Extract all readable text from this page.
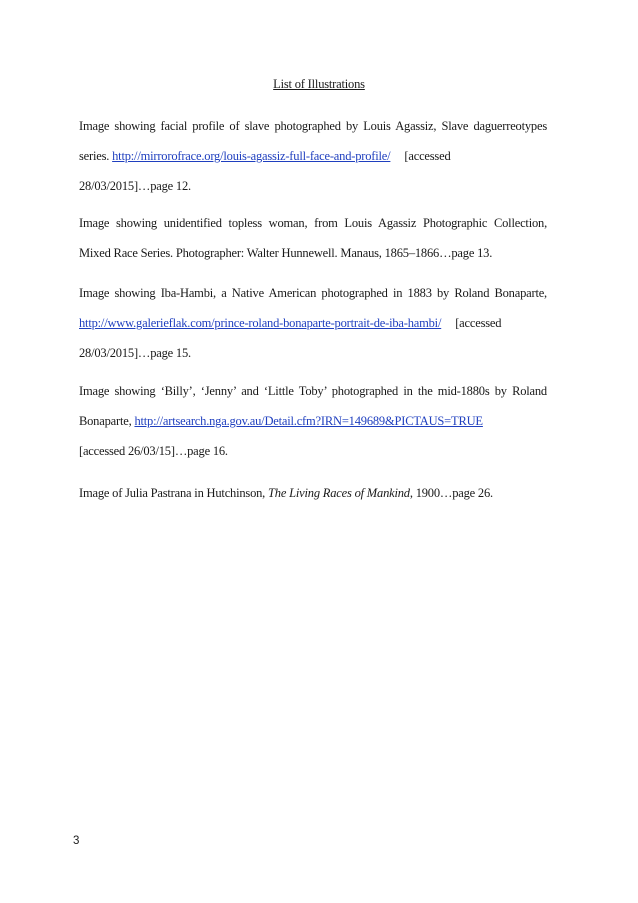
List of Illustrations
Image showing facial profile of slave photographed by Louis Agassiz, Slave daguerreotypes
series. http://mirrorofrace.org/louis-agassiz-full-face-and-profile/ [accessed
28/03/2015]…page 12.
Image showing unidentified topless woman, from Louis Agassiz Photographic Collection,
Mixed Race Series. Photographer: Walter Hunnewell. Manaus, 1865–1866…page 13.
Image showing Iba-Hambi, a Native American photographed in 1883 by Roland Bonaparte,
http://www.galerieflak.com/prince-roland-bonaparte-portrait-de-iba-hambi/ [accessed
28/03/2015]…page 15.
Image showing ‘Billy’, ‘Jenny’ and ‘Little Toby’ photographed in the mid-1880s by Roland
Bonaparte, http://artsearch.nga.gov.au/Detail.cfm?IRN=149689&PICTAUS=TRUE
[accessed 26/03/15]…page 16.
Image of Julia Pastrana in Hutchinson, The Living Races of Mankind, 1900…page 26.
3
